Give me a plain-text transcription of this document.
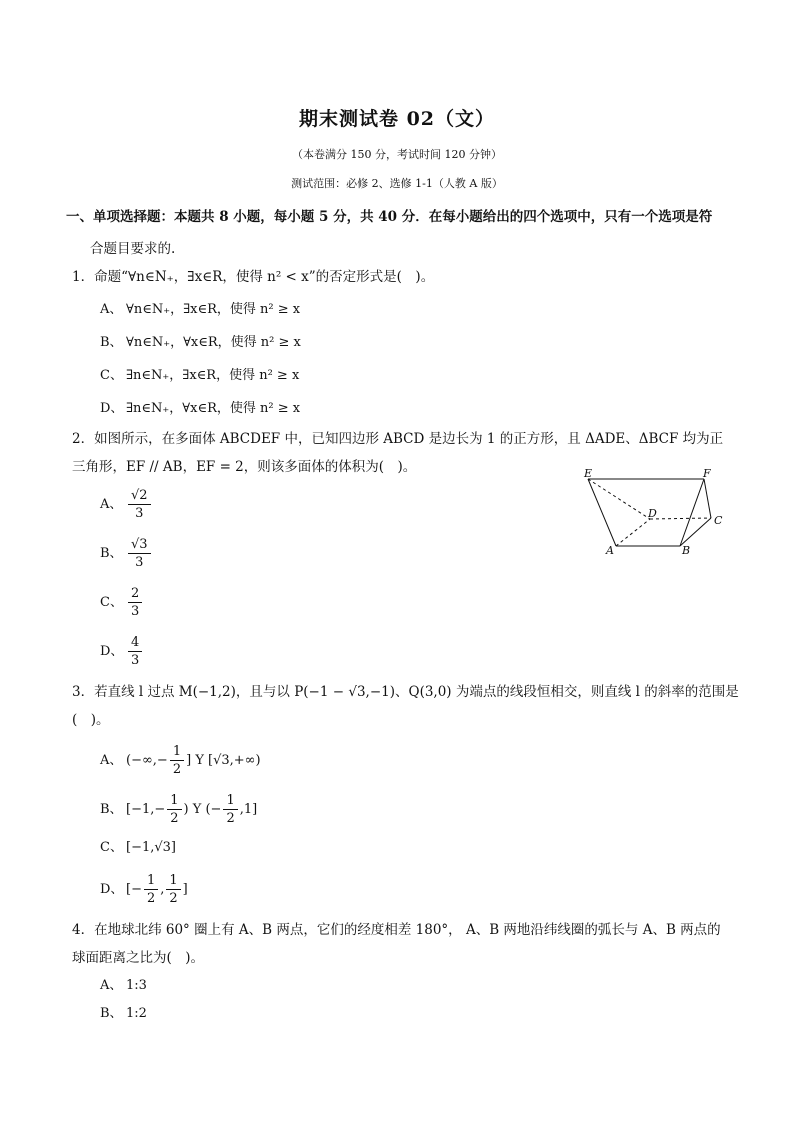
期末测试卷 02（文）
（本卷满分 150 分，考试时间 120 分钟）
测试范围：必修 2、选修 1-1（人教 A 版）
一、单项选择题：本题共 8 小题，每小题 5 分，共 40 分．在每小题给出的四个选项中，只有一个选项是符
合题目要求的.
1．命题“∀n∈N₊，∃x∈R，使得 n² < x”的否定形式是(　)。
A、 ∀n∈N₊，∃x∈R，使得 n² ≥ x
B、 ∀n∈N₊，∀x∈R，使得 n² ≥ x
C、 ∃n∈N₊，∃x∈R，使得 n² ≥ x
D、 ∃n∈N₊，∀x∈R，使得 n² ≥ x
2．如图所示，在多面体 ABCDEF 中，已知四边形 ABCD 是边长为 1 的正方形，且 ΔADE、ΔBCF 均为正
三角形，EF // AB，EF = 2，则该多面体的体积为(　)。
A、 $\frac{√2}{3}$
B、 $\frac{√3}{3}$
C、 $\frac{2}{3}$
D、 $\frac{4}{3}$
E	F
D
C
A	B
3．若直线 l 过点 M(−1,2)，且与以 P(−1 − √3,−1)、Q(3,0) 为端点的线段恒相交，则直线 l 的斜率的范围是
(　)。
A、 (−∞,− $\frac{1}{2}$ ] Y [√3,+∞)
B、 [$-1,- \frac{1}{2}$ ) Y (− $\frac{1}{2} ,1$]
C、 [−1,√3]
D、 [− $\frac{1}{2}$ , $\frac{1}{2}$ ]
4．在地球北纬 60° 圈上有 A、B 两点，它们的经度相差 180°， A、B 两地沿纬线圈的弧长与 A、B 两点的
球面距离之比为(　)。
A、 1:3
B、 1:2
